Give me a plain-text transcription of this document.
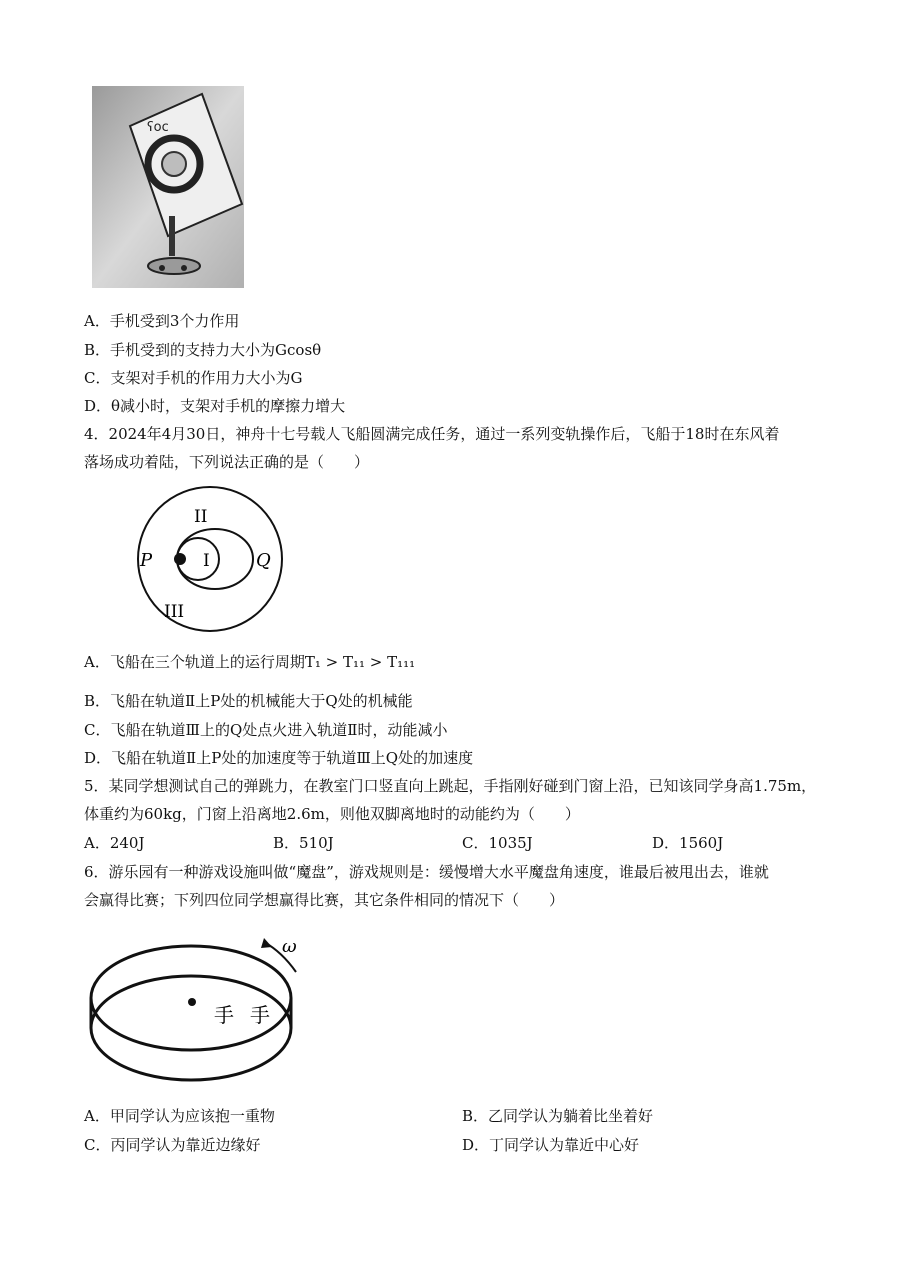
ʕoc
A．手机受到3个力作用
B．手机受到的支持力大小为Gcosθ
C．支架对手机的作用力大小为G
D．θ减小时，支架对手机的摩擦力增大
4．2024年4月30日，神舟十七号载人飞船圆满完成任务，通过一系列变轨操作后，飞船于18时在东风着
落场成功着陆，下列说法正确的是（　　）
P	Q
I
II
III
A．飞船在三个轨道上的运行周期T₁ > T₁₁ > T₁₁₁
B．飞船在轨道Ⅱ上P处的机械能大于Q处的机械能
C．飞船在轨道Ⅲ上的Q处点火进入轨道Ⅱ时，动能减小
D．飞船在轨道Ⅱ上P处的加速度等于轨道Ⅲ上Q处的加速度
5．某同学想测试自己的弹跳力，在教室门口竖直向上跳起，手指刚好碰到门窗上沿，已知该同学身高1.75m，
体重约为60kg，门窗上沿离地2.6m，则他双脚离地时的动能约为（　　）
A．240J	B．510J	C．1035J	D．1560J
6．游乐园有一种游戏设施叫做“魔盘”，游戏规则是：缓慢增大水平魔盘角速度，谁最后被甩出去，谁就
会赢得比赛；下列四位同学想赢得比赛，其它条件相同的情况下（　　）
手 手
ω
A．甲同学认为应该抱一重物	B．乙同学认为躺着比坐着好
C．丙同学认为靠近边缘好	D．丁同学认为靠近中心好
